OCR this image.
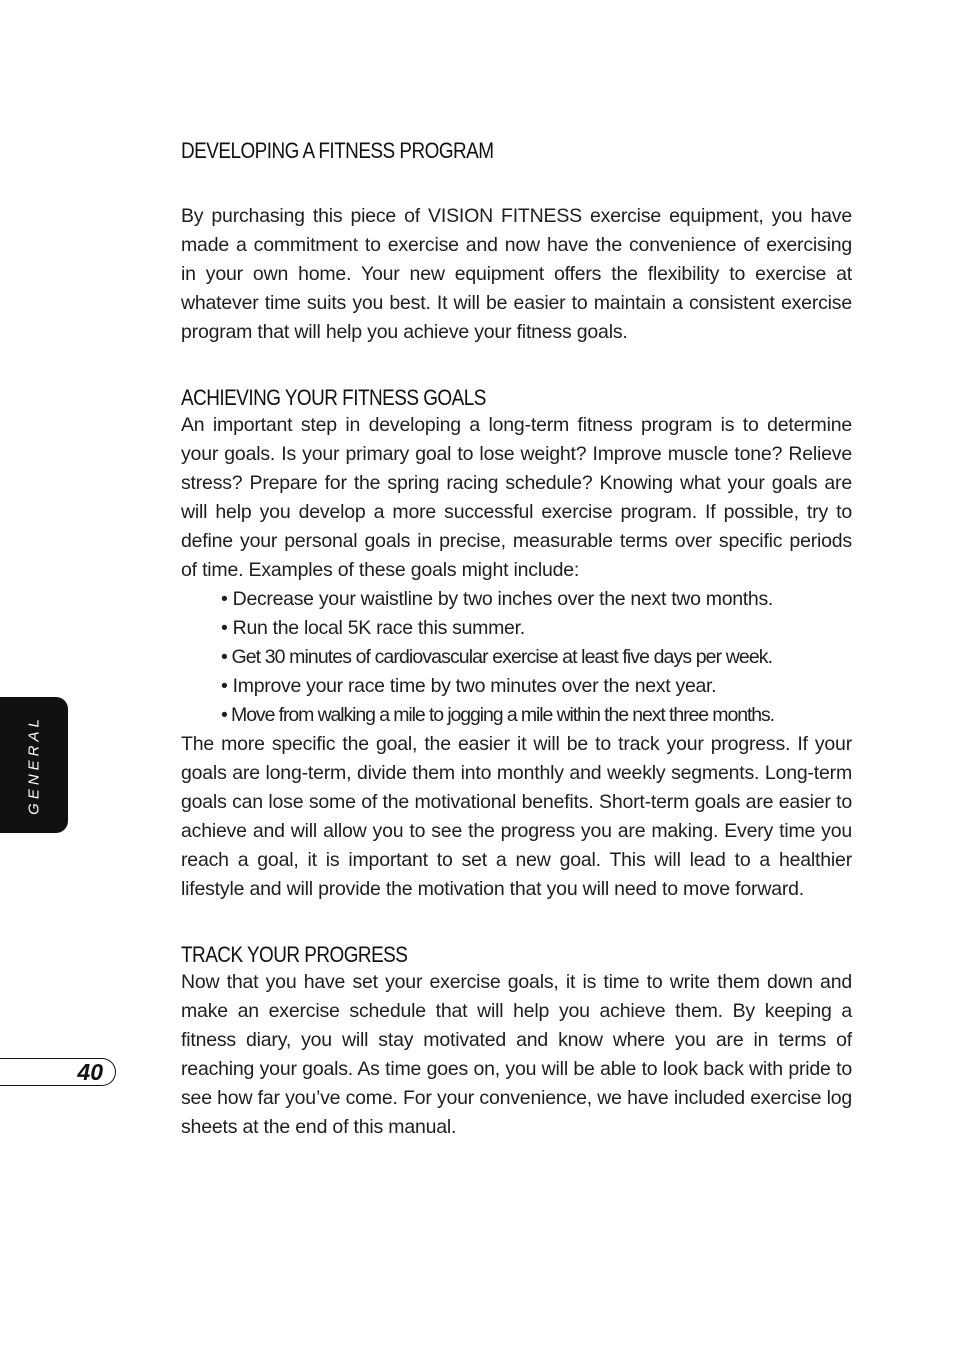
DEVELOPING A FITNESS PROGRAM

By purchasing this piece of VISION FITNESS exercise equipment, you have made a commitment to exercise and now have the convenience of exercising in your own home. Your new equipment offers the flexibility to exercise at whatever time suits you best. It will be easier to maintain a consistent exercise program that will help you achieve your fitness goals.

ACHIEVING YOUR FITNESS GOALS

An important step in developing a long-term fitness program is to determine your goals. Is your primary goal to lose weight? Improve muscle tone? Relieve stress? Prepare for the spring racing schedule? Knowing what your goals are will help you develop a more successful exercise program. If possible, try to define your personal goals in precise, measurable terms over specific periods of time. Examples of these goals might include:

• Decrease your waistline by two inches over the next two months.
• Run the local 5K race this summer.
• Get 30 minutes of cardiovascular exercise at least five days per week.
• Improve your race time by two minutes over the next year.
• Move from walking a mile to jogging a mile within the next three months.

The more specific the goal, the easier it will be to track your progress. If your goals are long-term, divide them into monthly and weekly segments. Long-term goals can lose some of the motivational benefits. Short-term goals are easier to achieve and will allow you to see the progress you are making. Every time you reach a goal, it is important to set a new goal. This will lead to a healthier lifestyle and will provide the motivation that you will need to move forward.

TRACK YOUR PROGRESS

Now that you have set your exercise goals, it is time to write them down and make an exercise schedule that will help you achieve them. By keeping a fitness diary, you will stay motivated and know where you are in terms of reaching your goals. As time goes on, you will be able to look back with pride to see how far you’ve come. For your convenience, we have included exercise log sheets at the end of this manual.

GENERAL
40
